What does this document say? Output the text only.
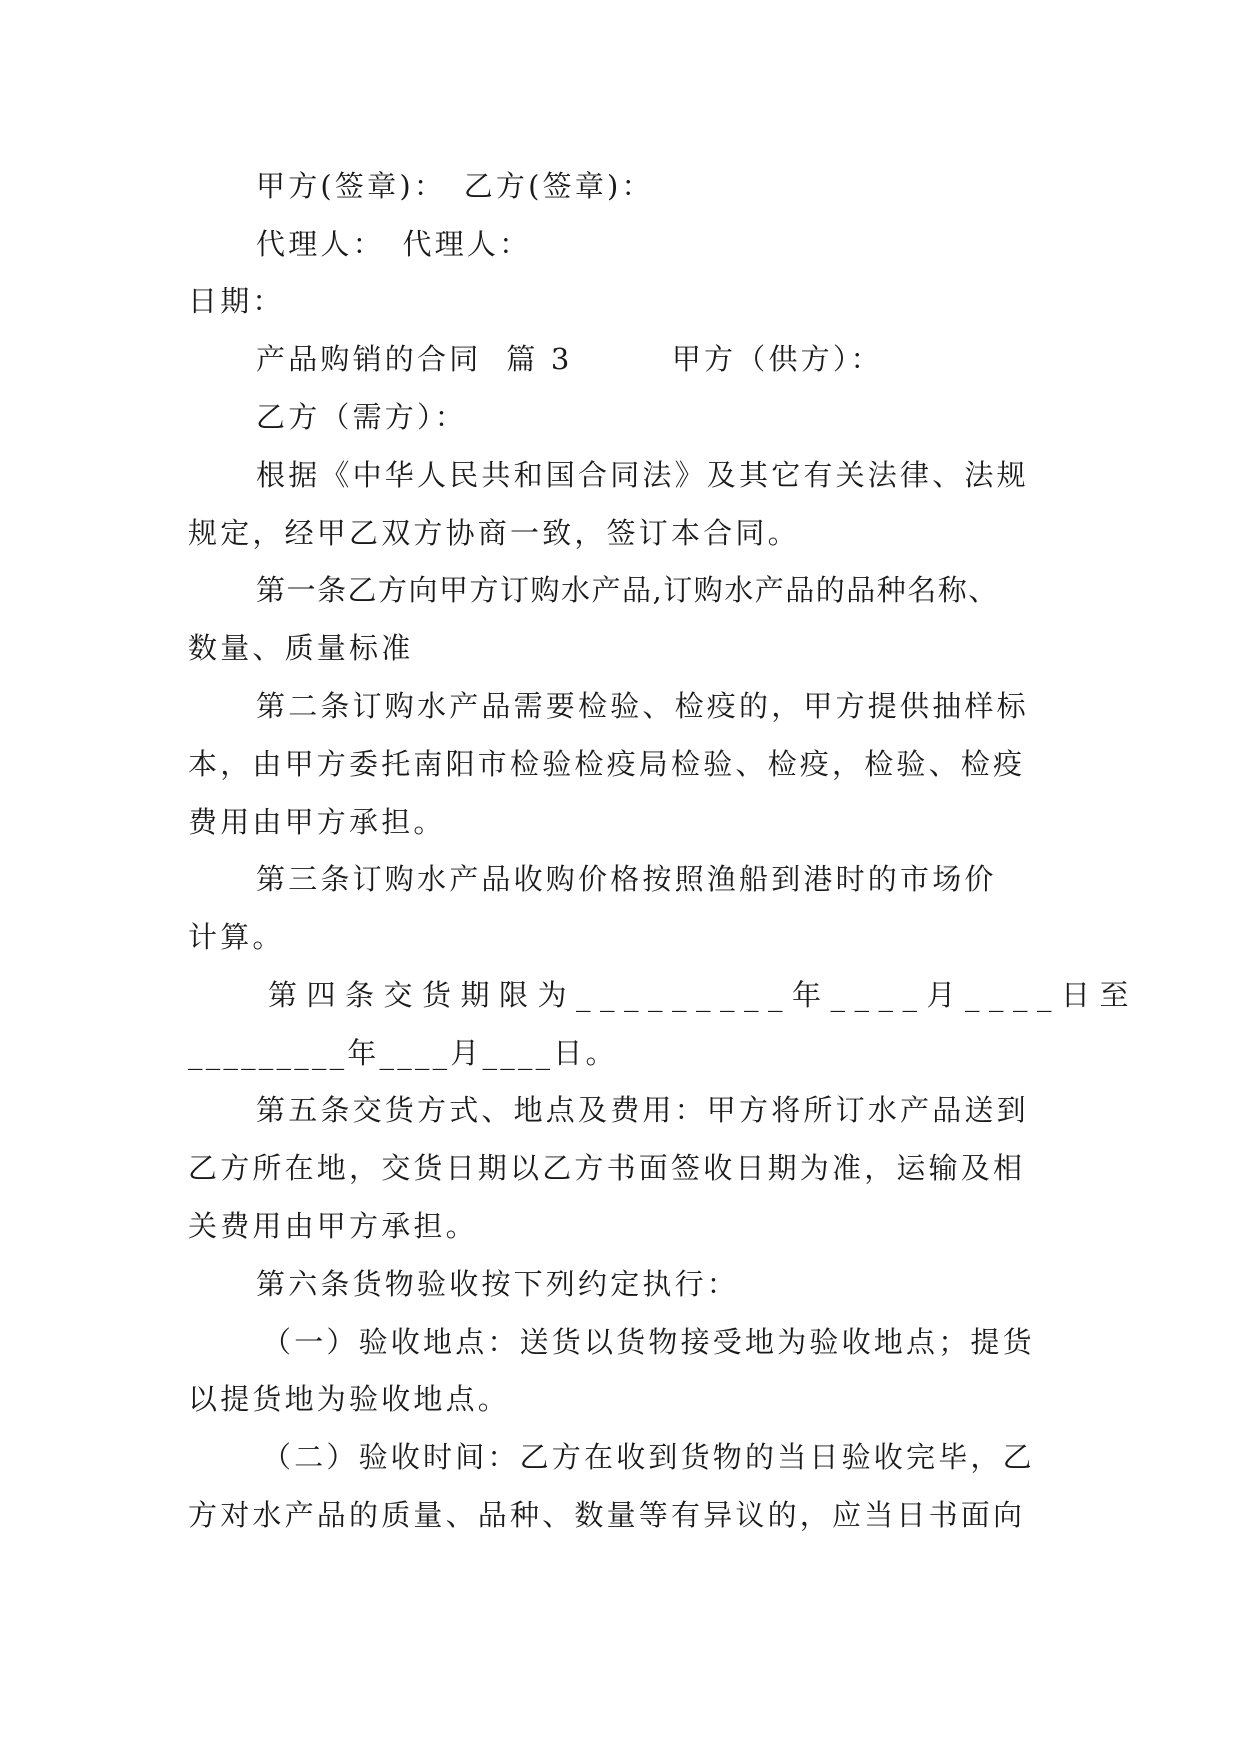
甲方(签章)：　乙方(签章)：
代理人：　代理人：
日期：
产品购销的合同  篇 3        甲方（供方）：
乙方（需方）：
根据《中华人民共和国合同法》及其它有关法律、法规
规定，经甲乙双方协商一致，签订本合同。
第一条乙方向甲方订购水产品,订购水产品的品种名称、
数量、质量标准
第二条订购水产品需要检验、检疫的，甲方提供抽样标
本，由甲方委托南阳市检验检疫局检验、检疫，检验、检疫
费用由甲方承担。
第三条订购水产品收购价格按照渔船到港时的市场价
计算。
第四条交货期限为_________年____月____日至
_________年____月____日。
第五条交货方式、地点及费用：甲方将所订水产品送到
乙方所在地，交货日期以乙方书面签收日期为准，运输及相
关费用由甲方承担。
第六条货物验收按下列约定执行：
（一）验收地点：送货以货物接受地为验收地点；提货
以提货地为验收地点。
（二）验收时间：乙方在收到货物的当日验收完毕，乙
方对水产品的质量、品种、数量等有异议的，应当日书面向
